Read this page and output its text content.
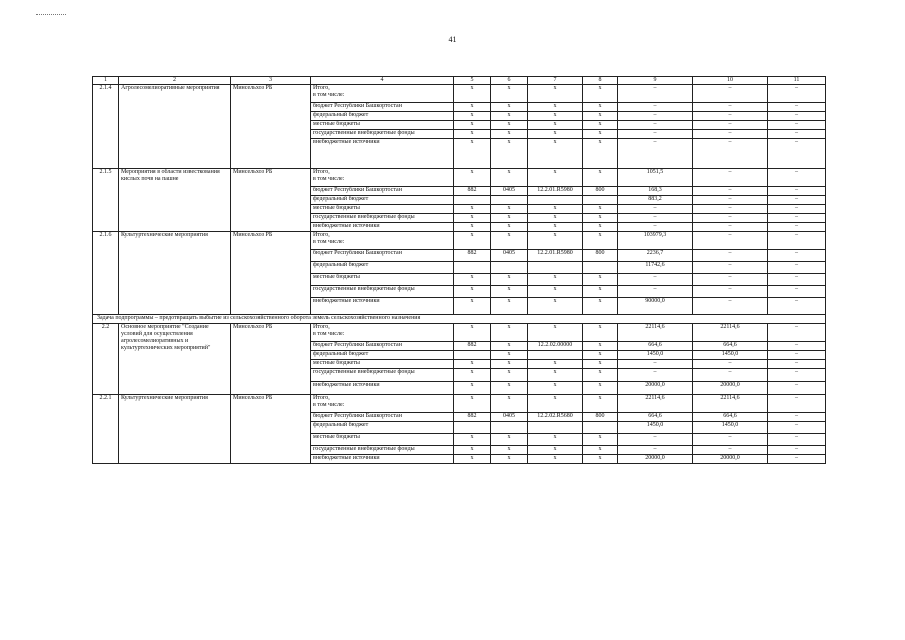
41
1	2	3	4	5	6	7	8	9	10	11
2.1.4	Агролесомелиоративные мероприятия	Минсельхоз РБ	Итого,
в том числе:	x	x	x	x	–	–	–
			бюджет Республики Башкортостан	x	x	x	x	–	–	–
			федеральный бюджет	x	x	x	x	–	–	–
			местные бюджеты	x	x	x	x	–	–	–
			государственные внебюджетные фонды	x	x	x	x	–	–	–
			внебюджетные источники	x	x	x	x	–	–	–
2.1.5	Мероприятия в области известкования кислых почв на пашне	Минсельхоз РБ	Итого,
в том числе:	x	x	x	x	1051,5	–	–
			бюджет Республики Башкортостан	882	0405	12.2.01.R5980	800	168,3	–	–
			федеральный бюджет					883,2	–	–
			местные бюджеты	x	x	x	x	–	–	–
			государственные внебюджетные фонды	x	x	x	x	–	–	–
			внебюджетные источники	x	x	x	x	–	–	–
2.1.6	Культуртехнические мероприятия	Минсельхоз РБ	Итого,
в том числе:	x	x	x	x	103979,3	–	–
			бюджет Республики Башкортостан	882	0405	12.2.01.R5980	800	2236,7	–	–
			федеральный бюджет					11742,6	–	–
			местные бюджеты	x	x	x	x	–	–	–
			государственные внебюджетные фонды	x	x	x	x	–	–	–
			внебюджетные источники	x	x	x	x	90000,0	–	–
Задача подпрограммы – предотвращать выбытие из сельскохозяйственного оборота земель сельскохозяйственного назначения										
2.2	Основное мероприятие "Создание условий для осуществления агролесомелиоративных и культуртехнических мероприятий"	Минсельхоз РБ	Итого,
в том числе:	x	x	x	x	22114,6	22114,6	–
			бюджет Республики Башкортостан	882	x	12.2.02.00000	x	664,6	664,6	–
			федеральный бюджет		x		x	1450,0	1450,0	–
			местные бюджеты	x	x	x	x	–	–	–
			государственные внебюджетные фонды	x	x	x	x	–	–	–
			внебюджетные источники	x	x	x	x	20000,0	20000,0	–
2.2.1	Культуртехнические мероприятия	Минсельхоз РБ	Итого,
в том числе:	x	x	x	x	22114,6	22114,6	–
			бюджет Республики Башкортостан	882	0405	12.2.02.R5680	800	664,6	664,6	–
			федеральный бюджет					1450,0	1450,0	–
			местные бюджеты	x	x	x	x	–	–	–
			государственные внебюджетные фонды	x	x	x	x	–	–	–
			внебюджетные источники	x	x	x	x	20000,0	20000,0	–
